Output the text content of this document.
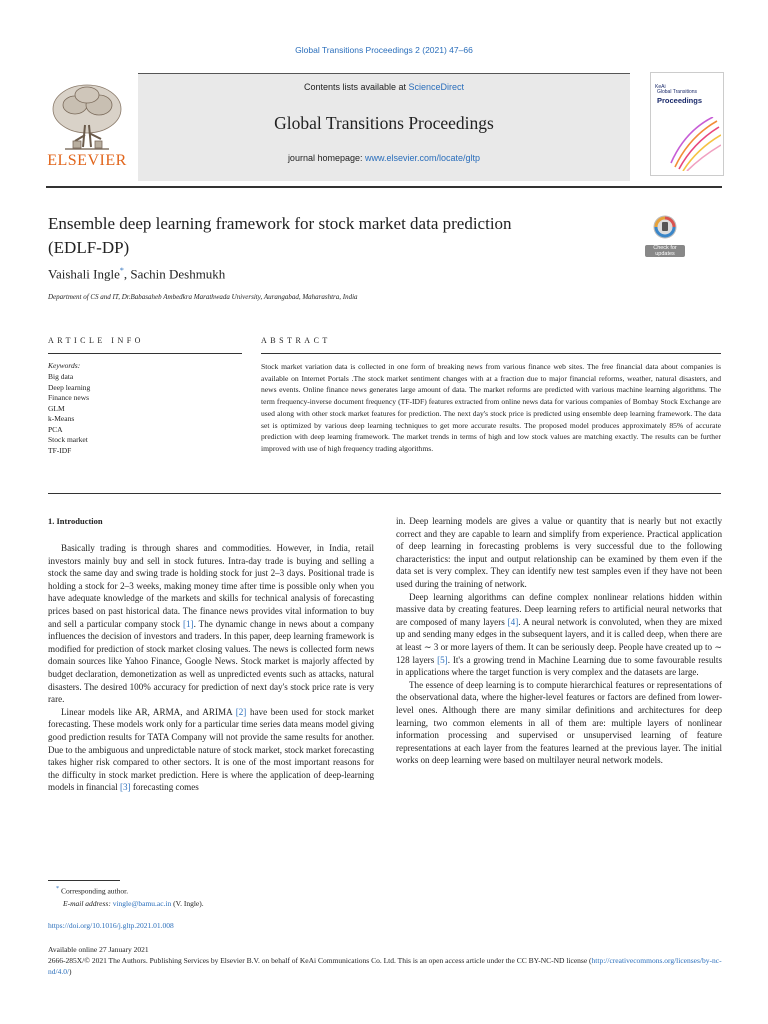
Global Transitions Proceedings 2 (2021) 47–66
Contents lists available at ScienceDirect
Global Transitions Proceedings
journal homepage: www.elsevier.com/locate/gltp
ELSEVIER
KeAi
Global Transitions
Proceedings
Ensemble deep learning framework for stock market data prediction
(EDLF-DP)	Check for
updates
Vaishali Ingle*, Sachin Deshmukh
Department of CS and IT, Dr.Babasaheb Ambedkra Marathwada University, Aurangabad, Maharashtra, India
ARTICLE INFO	ABSTRACT
Keywords:
Big data
Deep learning
Finance news
GLM
k-Means
PCA
Stock market
TF-IDF
Stock market variation data is collected in one form of breaking news from various finance web sites. The free financial data about companies is available on Internet Portals .The stock market sentiment changes with at a fraction due to major financial reforms, weather, natural disasters, and news events. Online finance news generates large amount of data. The market reforms are predicted with various machine learning algorithms. The term frequency-inverse document frequency (TF-IDF) features extracted from online news data for various companies of Bombay Stock Exchange are used along with other stock market features for prediction. The next day's stock price is predicted using ensemble deep learning framework. The data set is optimized by various deep learning techniques to get more accurate results. The proposed model produces approximately 85% of accurate prediction with deep learning framework. The market trends in terms of high and low stock values are matching exactly. The results can be further improved with use of high frequency trading algorithms.
1. Introduction

Basically trading is through shares and commodities. However, in India, retail investors mainly buy and sell in stock futures. Intra-day trade is buying and selling a stock the same day and swing trade is holding stock for just 2–3 days. Positional trade is holding a stock for 2–3 weeks, making money time after time is possible only when you have adequate knowledge of the markets and skills for technical analysis of forecasting prices based on past historical data. The finance news provides vital information to buy and sell a particular company stock [1]. The dynamic change in news about a company influences the decision of investors and traders. In this paper, deep learning framework is modified for prediction of stock market closing values. The news is collected form news domain sources like Yahoo Finance, Google News. Stock market is majorly affected by budget declaration, demonetization as well as unpredicted events such as attacks, natural disasters. The desired 100% accuracy for prediction of next day's stock price rate is very rare.

Linear models like AR, ARMA, and ARIMA [2] have been used for stock market forecasting. These models work only for a particular time series data means model giving good prediction results for TATA Company will not provide the same results for another. Due to the ambiguous and unpredictable nature of stock market, stock market forecasting takes higher risk compared to other sectors. It is one of the most important reasons for the difficulty in stock market prediction. Here is where the application of deep-learning models in financial [3] forecasting comes

in. Deep learning models are gives a value or quantity that is nearly but not exactly correct and they are capable to learn and simplify from experience. Practical application of deep learning in forecasting problems is very successful due to the following characteristics: the input and output relationship can be examined by them even if the data set is very complex. They can identify new test samples even if they have not been used during the training of network.

Deep learning algorithms can define complex nonlinear relations hidden within massive data by creating features. Deep learning refers to artificial neural networks that are composed of many layers [4]. A neural network is convoluted, when they are mixed up and sending many edges in the subsequent layers, and it is called deep, when there are at least ∼ 3 or more layers of them. It can be seriously deep. People have created up to ∼ 128 layers [5]. It's a growing trend in Machine Learning due to some favourable results in applications where the target function is very complex and the datasets are large.

The essence of deep learning is to compute hierarchical features or representations of the observational data, where the higher-level features or factors are defined from lower-level ones. Although there are many similar definitions and architectures for deep learning, two common elements in all of them are: multiple layers of nonlinear information processing and supervised or unsupervised learning of feature representations at each layer from the features learned at the previous layer. The initial works on deep learning were based on multilayer neural network models.

* Corresponding author.
E-mail address: vingle@bamu.ac.in (V. Ingle).
https://doi.org/10.1016/j.gltp.2021.01.008
Available online 27 January 2021
2666-285X/© 2021 The Authors. Publishing Services by Elsevier B.V. on behalf of KeAi Communications Co. Ltd. This is an open access article under the CC BY-NC-ND license (http://creativecommons.org/licenses/by-nc-nd/4.0/)
